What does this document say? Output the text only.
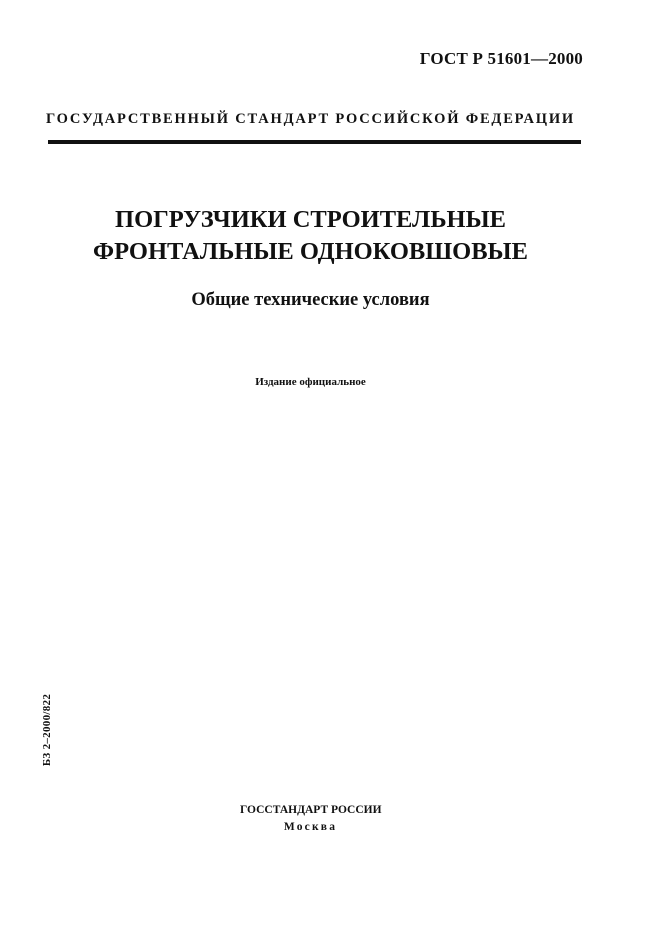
ГОСТ Р 51601—2000
ГОСУДАРСТВЕННЫЙ СТАНДАРТ РОССИЙСКОЙ ФЕДЕРАЦИИ
ПОГРУЗЧИКИ СТРОИТЕЛЬНЫЕ
ФРОНТАЛЬНЫЕ ОДНОКОВШОВЫЕ
Общие технические условия
Издание официальное
БЗ 2–2000/822
ГОССТАНДАРТ РОССИИ
Москва
